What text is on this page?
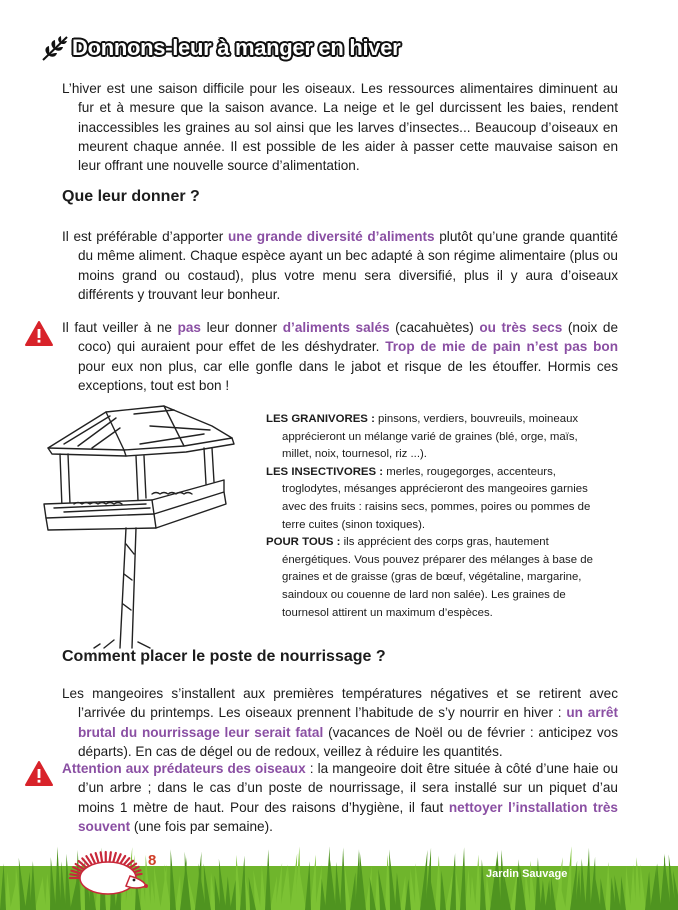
Donnons-leur à manger en hiver

L’hiver est une saison difficile pour les oiseaux. Les ressources alimentaires diminuent au fur et à mesure que la saison avance. La neige et le gel durcissent les baies, rendent inaccessibles les graines au sol ainsi que les larves d’insectes... Beaucoup d’oiseaux en meurent chaque année. Il est possible de les aider à passer cette mauvaise saison en leur offrant une nouvelle source d’alimentation.

Que leur donner ?

Il est préférable d’apporter une grande diversité d’aliments plutôt qu’une grande quantité du même aliment. Chaque espèce ayant un bec adapté à son régime alimentaire (plus ou moins grand ou costaud), plus votre menu sera diversifié, plus il y aura d’oiseaux différents y trouvant leur bonheur.

Il faut veiller à ne pas leur donner d’aliments salés (cacahuètes) ou très secs (noix de coco) qui auraient pour effet de les déshydrater. Trop de mie de pain n’est pas bon pour eux non plus, car elle gonfle dans le jabot et risque de les étouffer. Hormis ces exceptions, tout est bon !

LES GRANIVORES : pinsons, verdiers, bouvreuils, moineaux apprécieront un mélange varié de graines (blé, orge, maïs, millet, noix, tournesol, riz ...).

LES INSECTIVORES : merles, rougegorges, accenteurs, troglodytes, mésanges apprécieront des mangeoires garnies avec des fruits : raisins secs, pommes, poires ou pommes de terre cuites (sinon toxiques).

POUR TOUS : ils apprécient des corps gras, hautement énergétiques. Vous pouvez préparer des mélanges à base de graines et de graisse (gras de bœuf, végétaline, margarine, saindoux ou couenne de lard non salée). Les graines de tournesol attirent un maximum d’espèces.

Comment placer le poste de nourrissage ?

Les mangeoires s’installent aux premières températures négatives et se retirent avec l’arrivée du printemps. Les oiseaux prennent l’habitude de s’y nourrir en hiver : un arrêt brutal du nourrissage leur serait fatal (vacances de Noël ou de février : anticipez vos départs). En cas de dégel ou de redoux, veillez à réduire les quantités.

Attention aux prédateurs des oiseaux : la mangeoire doit être située à côté d’une haie ou d’un arbre ; dans le cas d’un poste de nourrissage, il sera installé sur un piquet d’au moins 1 mètre de haut. Pour des raisons d’hygiène, il faut nettoyer l’installation très souvent (une fois par semaine).

8
Jardin Sauvage
